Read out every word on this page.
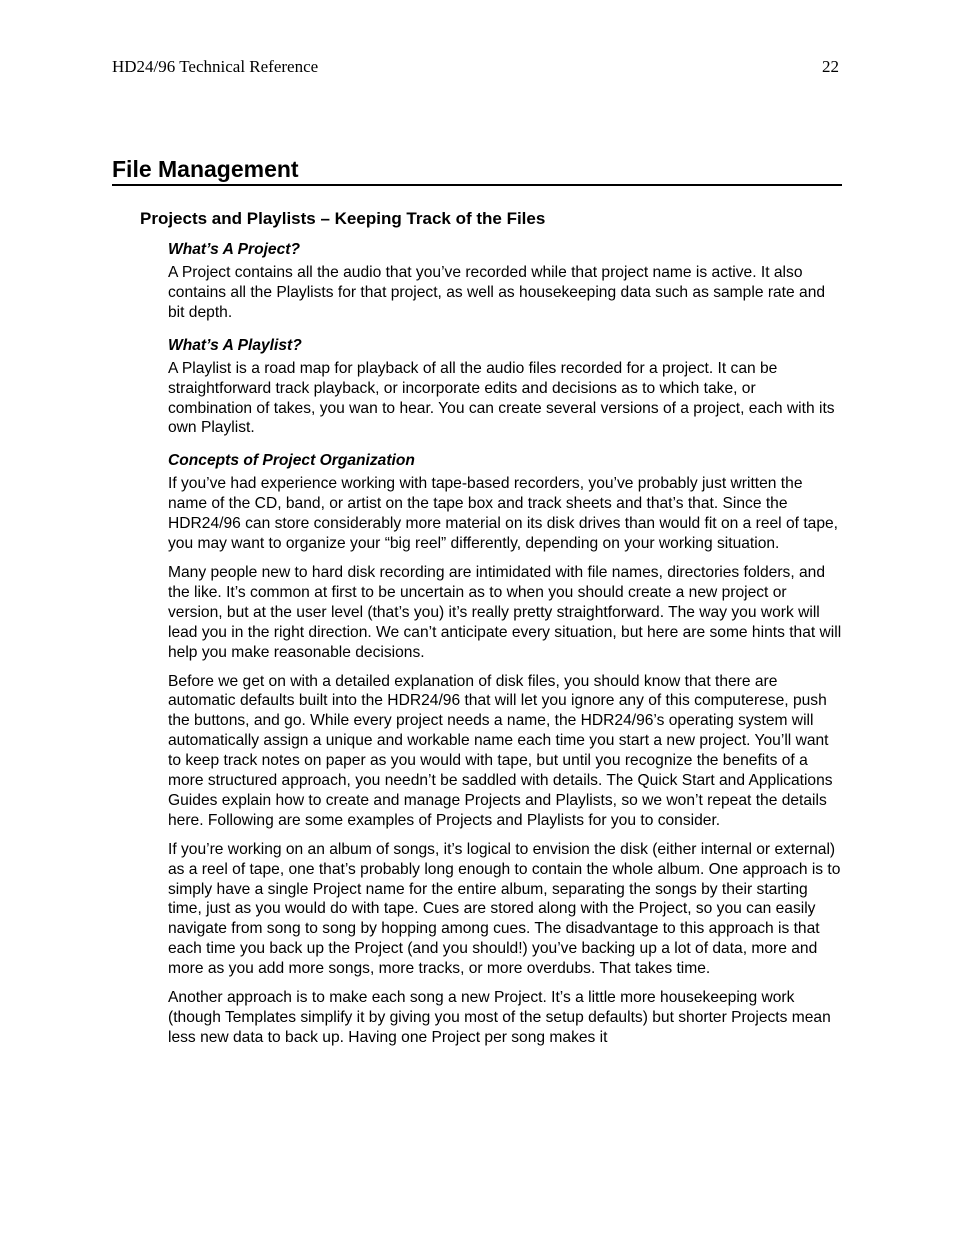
HD24/96 Technical Reference	22
File Management
Projects and Playlists – Keeping Track of the Files
What’s A Project?

A Project contains all the audio that you’ve recorded while that project name is active. It also contains all the Playlists for that project, as well as housekeeping data such as sample rate and bit depth.

What’s A Playlist?

A Playlist is a road map for playback of all the audio files recorded for a project. It can be straightforward track playback, or incorporate edits and decisions as to which take, or combination of takes, you wan to hear. You can create several versions of a project, each with its own Playlist.

Concepts of Project Organization

If you’ve had experience working with tape-based recorders, you’ve probably just written the name of the CD, band, or artist on the tape box and track sheets and that’s that. Since the HDR24/96 can store considerably more material on its disk drives than would fit on a reel of tape, you may want to organize your “big reel” differently, depending on your working situation.

Many people new to hard disk recording are intimidated with file names, directories folders, and the like. It’s common at first to be uncertain as to when you should create a new project or version, but at the user level (that’s you) it’s really pretty straightforward. The way you work will lead you in the right direction. We can’t anticipate every situation, but here are some hints that will help you make reasonable decisions.

Before we get on with a detailed explanation of disk files, you should know that there are automatic defaults built into the HDR24/96 that will let you ignore any of this computerese, push the buttons, and go. While every project needs a name, the HDR24/96’s operating system will automatically assign a unique and workable name each time you start a new project. You’ll want to keep track notes on paper as you would with tape, but until you recognize the benefits of a more structured approach, you needn’t be saddled with details. The Quick Start and Applications Guides explain how to create and manage Projects and Playlists, so we won’t repeat the details here. Following are some examples of Projects and Playlists for you to consider.

If you’re working on an album of songs, it’s logical to envision the disk (either internal or external) as a reel of tape, one that’s probably long enough to contain the whole album. One approach is to simply have a single Project name for the entire album, separating the songs by their starting time, just as you would do with tape. Cues are stored along with the Project, so you can easily navigate from song to song by hopping among cues. The disadvantage to this approach is that each time you back up the Project (and you should!) you’ve backing up a lot of data, more and more as you add more songs, more tracks, or more overdubs. That takes time.

Another approach is to make each song a new Project. It’s a little more housekeeping work (though Templates simplify it by giving you most of the setup defaults) but shorter Projects mean less new data to back up. Having one Project per song makes it
